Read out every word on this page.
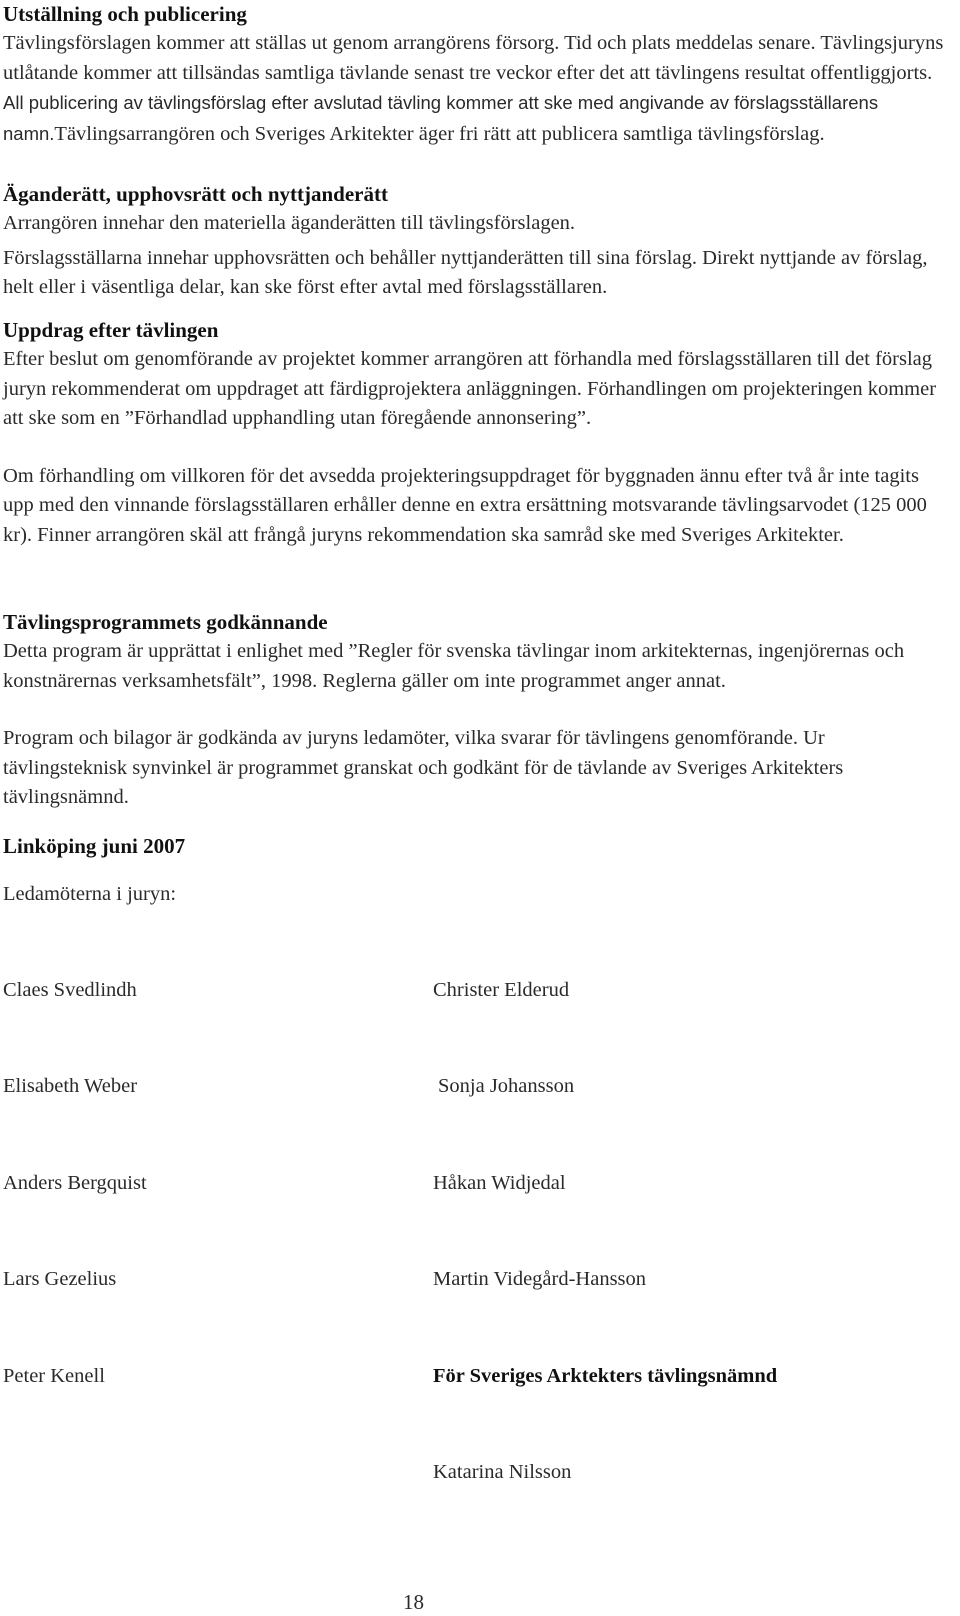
Utställning och publicering

Tävlingsförslagen kommer att ställas ut genom arrangörens försorg. Tid och plats meddelas senare. Tävlingsjuryns utlåtande kommer att tillsändas samtliga tävlande senast tre veckor efter det att tävlingens resultat offentliggjorts. All publicering av tävlingsförslag efter avslutad tävling kommer att ske med angivande av förslagsställarens namn.Tävlingsarrangören och Sveriges Arkitekter äger fri rätt att publicera samtliga tävlingsförslag.

Äganderätt, upphovsrätt och nyttjanderätt

Arrangören innehar den materiella äganderätten till tävlingsförslagen.

Förslagsställarna innehar upphovsrätten och behåller nyttjanderätten till sina förslag. Direkt nyttjande av förslag, helt eller i väsentliga delar, kan ske först efter avtal med förslagsställaren.

Uppdrag efter tävlingen

Efter beslut om genomförande av projektet kommer arrangören att förhandla med förslagsställaren till det förslag juryn rekommenderat om uppdraget att färdigprojektera anläggningen. Förhandlingen om projekteringen kommer att ske som en ”Förhandlad upphandling utan föregående annonsering”.

Om förhandling om villkoren för det avsedda projekteringsuppdraget för byggnaden ännu efter två år inte tagits upp med den vinnande förslagsställaren erhåller denne en extra ersättning motsvarande tävlingsarvodet (125 000 kr). Finner arrangören skäl att frångå juryns rekommendation ska samråd ske med Sveriges Arkitekter.

Tävlingsprogrammets godkännande

Detta program är upprättat i enlighet med ”Regler för svenska tävlingar inom arkitekternas, ingenjörernas och konstnärernas verksamhetsfält”, 1998. Reglerna gäller om inte programmet anger annat.

Program och bilagor är godkända av juryns ledamöter, vilka svarar för tävlingens genomförande. Ur tävlingsteknisk synvinkel är programmet granskat och godkänt för de tävlande av Sveriges Arkitekters tävlingsnämnd.

Linköping juni 2007

Ledamöterna i juryn:

Claes Svedlindh
Elisabeth Weber
Anders Bergquist
Lars Gezelius
Peter Kenell
Christer Elderud
Sonja Johansson
Håkan Widjedal
Martin Videgård-Hansson
För Sveriges Arktekters tävlingsnämnd
Katarina Nilsson
18
